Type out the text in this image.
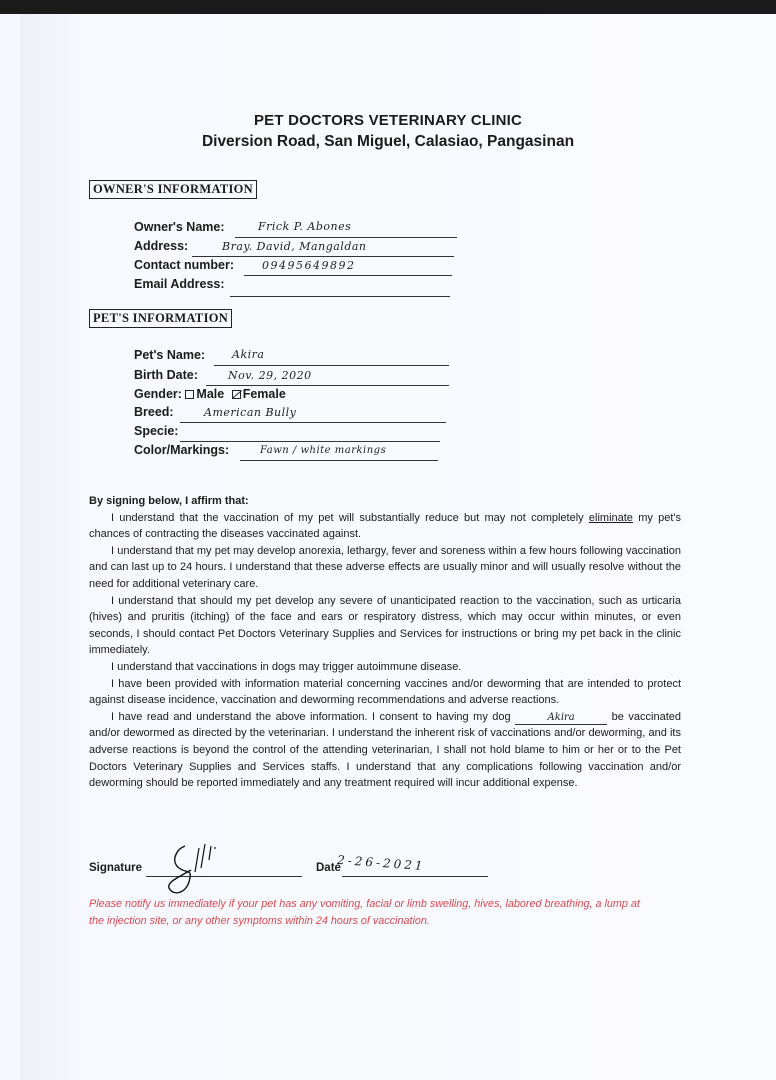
PET DOCTORS VETERINARY CLINIC
Diversion Road, San Miguel, Calasiao, Pangasinan
OWNER'S INFORMATION
Owner's Name:	Frick P. Abones
Address:	Bray. David, Mangaldan
Contact number:	09495649892
Email Address:
PET'S INFORMATION
Pet's Name: Akira
Birth Date:	Nov. 29, 2020
Gender: Male Female
Breed:	American Bully
Specie:
Color/Markings:	Fawn / white markings
By signing below, I affirm that:

I understand that the vaccination of my pet will substantially reduce but may not completely eliminate my pet's chances of contracting the diseases vaccinated against.

I understand that my pet may develop anorexia, lethargy, fever and soreness within a few hours following vaccination and can last up to 24 hours. I understand that these adverse effects are usually minor and will usually resolve without the need for additional veterinary care.

I understand that should my pet develop any severe of unanticipated reaction to the vaccination, such as urticaria (hives) and pruritis (itching) of the face and ears or respiratory distress, which may occur within minutes, or even seconds, I should contact Pet Doctors Veterinary Supplies and Services for instructions or bring my pet back in the clinic immediately.

I understand that vaccinations in dogs may trigger autoimmune disease.

I have been provided with information material concerning vaccines and/or deworming that are intended to protect against disease incidence, vaccination and deworming recommendations and adverse reactions.

I have read and understand the above information. I consent to having my dog	Akira	be vaccinated and/or dewormed as directed by the veterinarian. I understand the inherent risk of vaccinations and/or deworming, and its adverse reactions is beyond the control of the attending veterinarian, I shall not hold blame to him or her or to the Pet Doctors Veterinary Supplies and Services staffs. I understand that any complications following vaccination and/or deworming should be reported immediately and any treatment required will incur additional expense.

Signature	Date
2-26-2021
Please notify us immediately if your pet has any vomiting, facial or limb swelling, hives, labored breathing, a lump at the injection site, or any other symptoms within 24 hours of vaccination.
